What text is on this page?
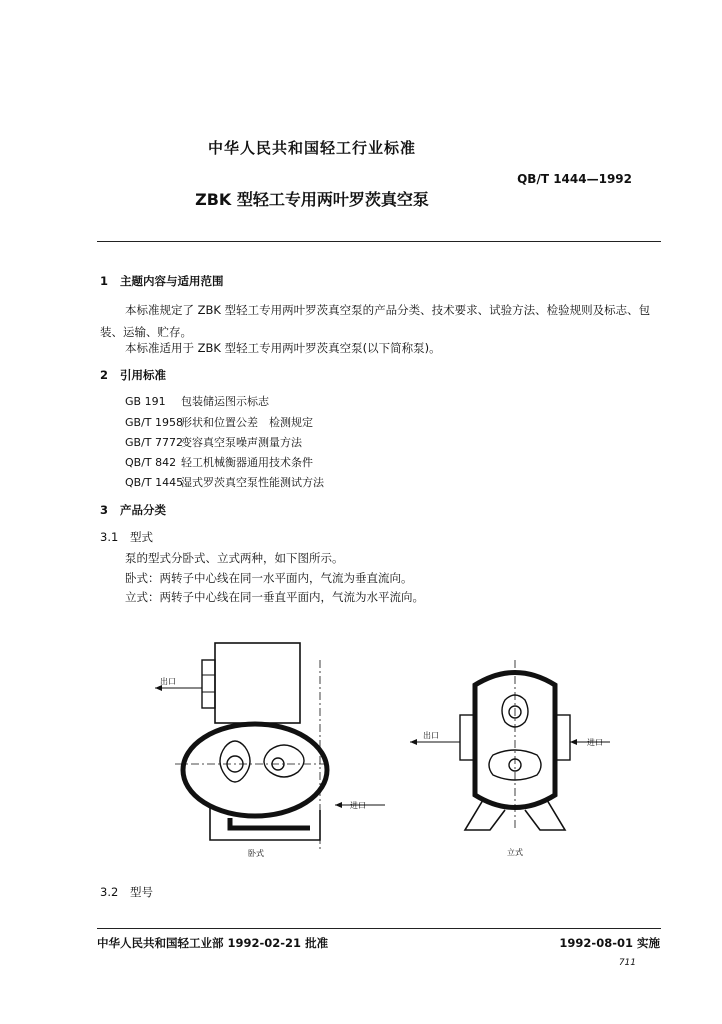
中华人民共和国轻工行业标准
QB/T 1444—1992
ZBK 型轻工专用两叶罗茨真空泵
1 主题内容与适用范围
本标准规定了 ZBK 型轻工专用两叶罗茨真空泵的产品分类、技术要求、试验方法、检验规则及标志、包装、运输、贮存。
本标准适用于 ZBK 型轻工专用两叶罗茨真空泵(以下简称泵)。
2 引用标准
GB 191 包装储运图示标志
GB/T 1958形状和位置公差　检测规定
GB/T 7772变容真空泵噪声测量方法
QB/T 842 轻工机械衡器通用技术条件
QB/T 1445湿式罗茨真空泵性能测试方法
3 产品分类
3.1 型式
泵的型式分卧式、立式两种，如下图所示。
卧式：两转子中心线在同一水平面内，气流为垂直流向。
立式：两转子中心线在同一垂直平面内，气流为水平流向。
出口
进口
卧式
出口
进口
立式
3.2 型号
中华人民共和国轻工业部 1992-02-21 批准	1992-08-01 实施
711
